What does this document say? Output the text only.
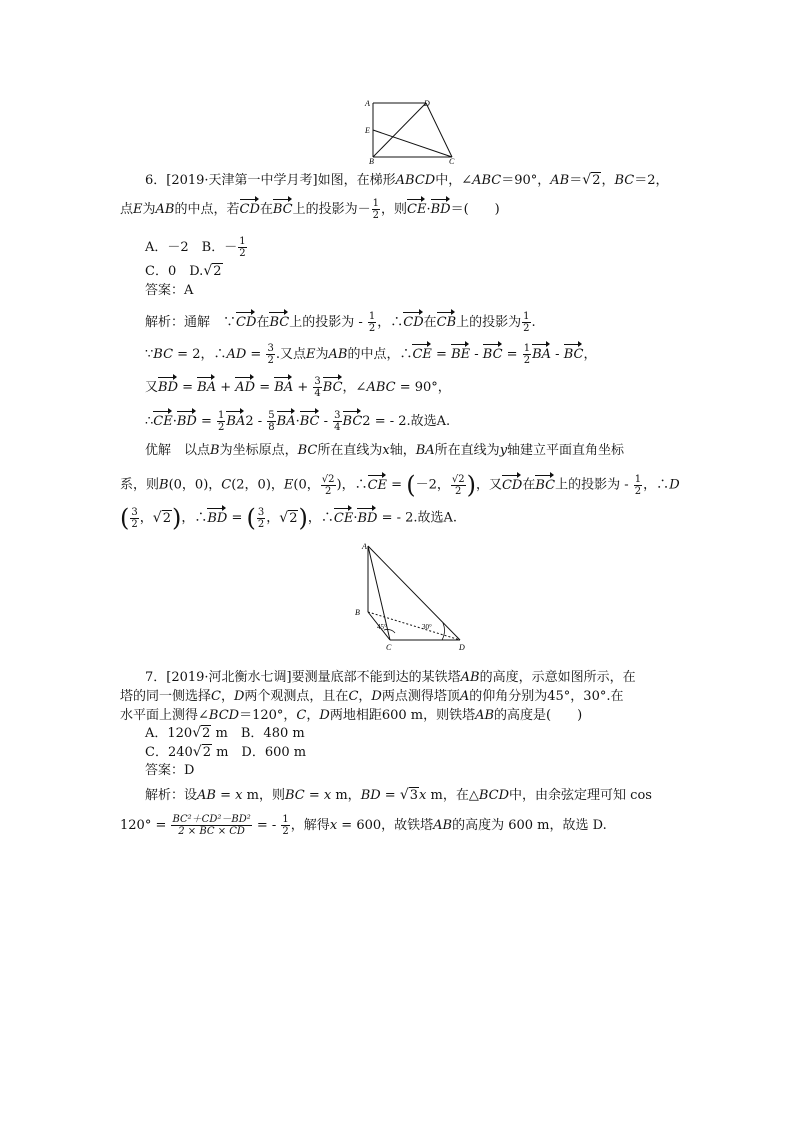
A	D
E
B	C
6．[2019·天津第一中学月考]如图，在梯形ABCD中，∠ABC＝90°，AB＝√2，BC＝2，
点E为AB的中点，若CD在BC上的投影为－ $\frac{1}{2}$ ，则CE·BD＝(　　)
A．－2　B．－ $\frac{1}{2}$
C．0　D.√2
答案：A
解析：通解　 ∵CD在BC上的投影为 - $\frac{1}{2}$ ，∴CD在CB上的投影为 $\frac{1}{2}$ .
∵BC = 2，∴AD = $\frac{3}{2}$ .又点E为AB的中点，∴CE = BE - BC = $\frac{1}{2}$ BA - BC，
又BD = BA + AD = BA + $\frac{3}{4}$ BC，∠ABC = 90°，
∴CE·BD = $\frac{1}{2} BA2 - \frac{5}{8} BA\cdot BC - \frac{3}{4} BC2$ = - 2.故选A.
优解　以点B为坐标原点，BC所在直线为x轴，BA所在直线为y轴建立平面直角坐标
系，则B(0，0)，C(2，0)，E(0， $\frac{√2}{2}$ )，∴CE = (－2， $\frac{√2}{2}$ )，又CD在BC上的投影为 - $\frac{1}{2}$ ，∴D
( $\frac{3}{2}$ ，√2)，∴BD = ( $\frac{3}{2}$ ，√2)，∴CE·BD = - 2.故选A.
A
B
C	D
45°	30°
7．[2019·河北衡水七调]要测量底部不能到达的某铁塔AB的高度，示意如图所示，在
塔的同一侧选择C，D两个观测点，且在C，D两点测得塔顶A的仰角分别为45°，30°.在
水平面上测得∠BCD＝120°，C，D两地相距600 m，则铁塔AB的高度是(　　)
A．120√2 m　B．480 m
C．240√2 m　D．600 m
答案：D
解析：设AB = x m，则BC = x m，BD = √3x m，在△BCD中，由余弦定理可知 cos
$120^\circ = \frac{\text{BC²＋CD²－BD²}}{2 \times BC \times CD}$ = - $\frac{1}{2}$ ，解得x = 600，故铁塔AB的高度为 600 m，故选 D.
